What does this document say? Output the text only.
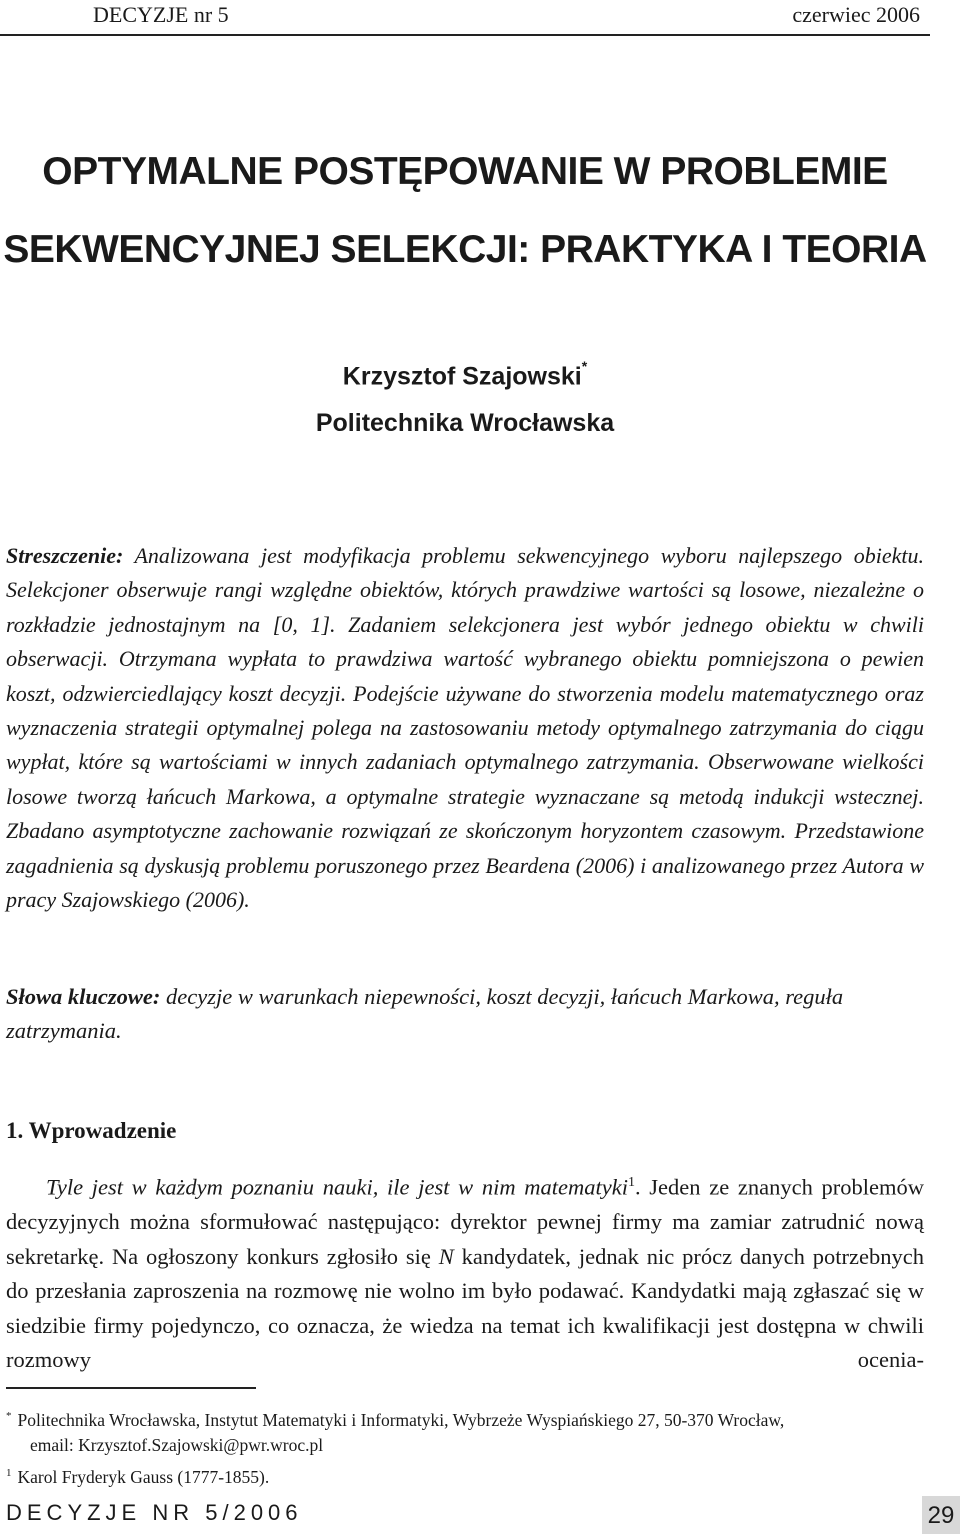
DECYZJE nr 5	czerwiec 2006
OPTYMALNE POSTĘPOWANIE W PROBLEMIE
SEKWENCYJNEJ SELEKCJI: PRAKTYKA I TEORIA
Krzysztof Szajowski*
Politechnika Wrocławska
Streszczenie: Analizowana jest modyfikacja problemu sekwencyjnego wyboru najlepszego obiektu. Selekcjoner obserwuje rangi względne obiektów, których prawdziwe wartości są losowe, niezależne o rozkładzie jednostajnym na [0, 1]. Zadaniem selekcjonera jest wybór jednego obiektu w chwili obserwacji. Otrzymana wypłata to prawdziwa wartość wybranego obiektu pomniejszona o pewien koszt, odzwierciedlający koszt decyzji. Podejście używane do stworzenia modelu matematycznego oraz wyznaczenia strategii optymalnej polega na zastosowaniu metody optymalnego zatrzymania do ciągu wypłat, które są wartościami w innych zadaniach optymalnego zatrzymania. Obserwowane wielkości losowe tworzą łańcuch Markowa, a optymalne strategie wyznaczane są metodą indukcji wstecznej. Zbadano asymptotyczne zachowanie rozwiązań ze skończonym horyzontem czasowym. Przedstawione zagadnienia są dyskusją problemu poruszonego przez Beardena (2006) i analizowanego przez Autora w pracy Szajowskiego (2006).
Słowa kluczowe: decyzje w warunkach niepewności, koszt decyzji, łańcuch Markowa, reguła zatrzymania.
1. Wprowadzenie
Tyle jest w każdym poznaniu nauki, ile jest w nim matematyki$^1$. Jeden ze znanych problemów decyzyjnych można sformułować następująco: dyrektor pewnej firmy ma zamiar zatrudnić nową sekretarkę. Na ogłoszony konkurs zgłosiło się N kandydatek, jednak nic prócz danych potrzebnych do przesłania zaproszenia na rozmowę nie wolno im było podawać. Kandydatki mają zgłaszać się w siedzibie firmy pojedynczo, co oznacza, że wiedza na temat ich kwalifikacji jest dostępna w chwili rozmowy oceniа-
* Politechnika Wrocławska, Instytut Matematyki i Informatyki, Wybrzeże Wyspiańskiego 27, 50-370 Wrocław,
email: Krzysztof.Szajowski@pwr.wroc.pl
$^1$ Karol Fryderyk Gauss (1777-1855).
DECYZJE NR 5/2006	29
